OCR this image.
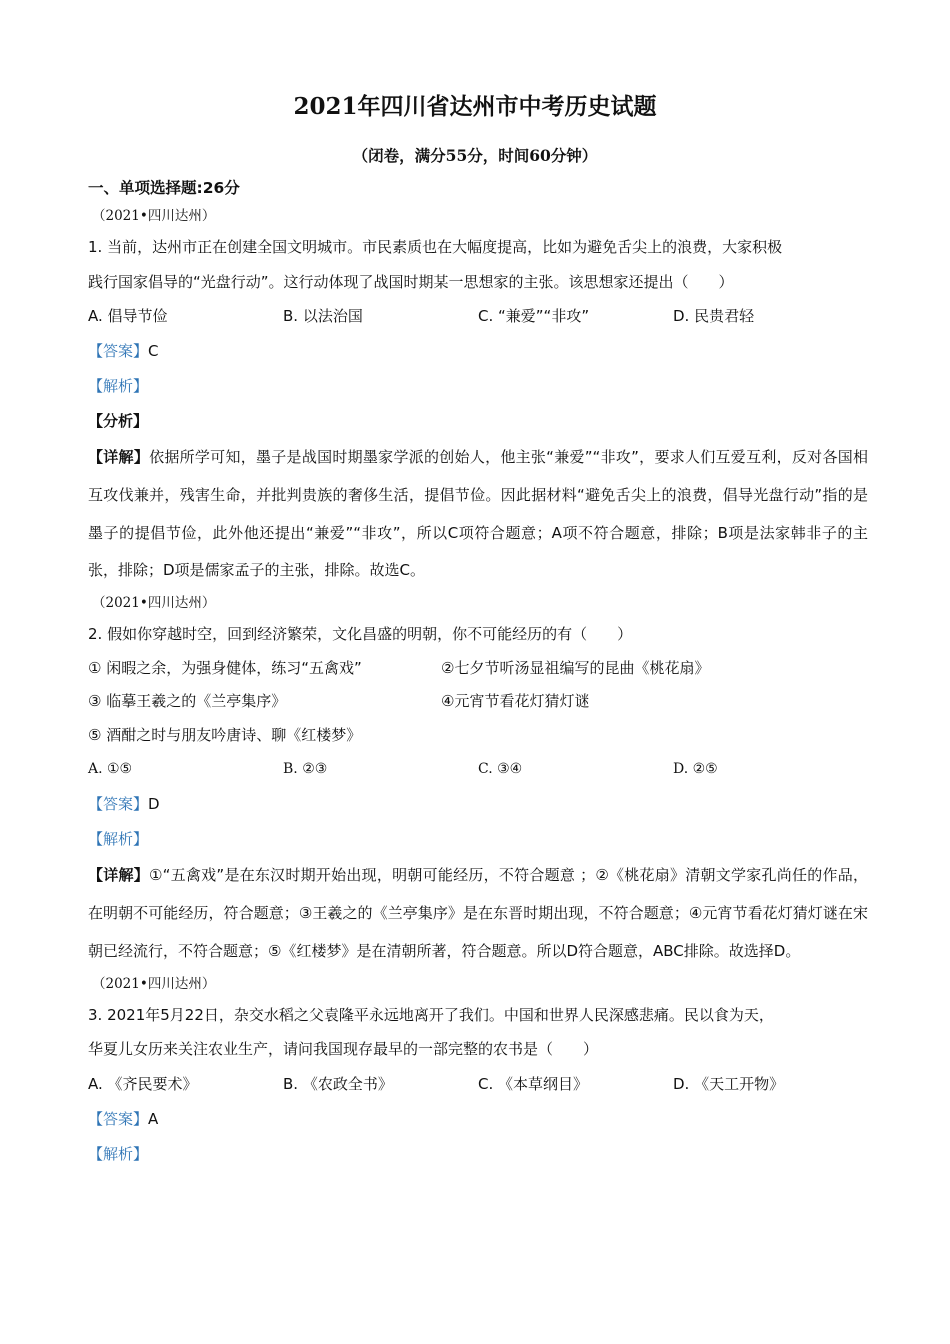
2021年四川省达州市中考历史试题
（闭卷，满分55分，时间60分钟）

一、单项选择题:26分

（2021•四川达州）

1. 当前，达州市正在创建全国文明城市。市民素质也在大幅度提高，比如为避免舌尖上的浪费，大家积极

践行国家倡导的“光盘行动”。这行动体现了战国时期某一思想家的主张。该思想家还提出（　　）

A. 倡导节俭	B. 以法治国	C. “兼爱”“非攻”	D. 民贵君轻

【答案】C

【解析】

【分析】

【详解】依据所学可知，墨子是战国时期墨家学派的创始人，他主张“兼爱”“非攻”，要求人们互爱互利，反对各国相互攻伐兼并，残害生命，并批判贵族的奢侈生活，提倡节俭。因此据材料“避免舌尖上的浪费，倡导光盘行动”指的是墨子的提倡节俭，此外他还提出“兼爱”“非攻”，所以C项符合题意；A项不符合题意，排除；B项是法家韩非子的主张，排除；D项是儒家孟子的主张，排除。故选C。

（2021•四川达州）

2. 假如你穿越时空，回到经济繁荣，文化昌盛的明朝，你不可能经历的有（　　）

① 闲暇之余，为强身健体，练习“五禽戏”	②七夕节听汤显祖编写的昆曲《桃花扇》
③ 临摹王羲之的《兰亭集序》	④元宵节看花灯猜灯谜
⑤ 酒酣之时与朋友吟唐诗、聊《红楼梦》
A. ①⑤	B. ②③	C. ③④	D. ②⑤

【答案】D

【解析】

【详解】①“五禽戏”是在东汉时期开始出现，明朝可能经历，不符合题意 ；②《桃花扇》清朝文学家孔尚任的作品，在明朝不可能经历，符合题意；③王羲之的《兰亭集序》是在东晋时期出现，不符合题意；④元宵节看花灯猜灯谜在宋朝已经流行，不符合题意；⑤《红楼梦》是在清朝所著，符合题意。所以D符合题意，ABC排除。故选择D。

（2021•四川达州）

3. 2021年5月22日，杂交水稻之父袁隆平永远地离开了我们。中国和世界人民深感悲痛。民以食为天，

华夏儿女历来关注农业生产，请问我国现存最早的一部完整的农书是（　　）

A. 《齐民要术》	B. 《农政全书》	C. 《本草纲目》	D. 《天工开物》

【答案】A

【解析】
